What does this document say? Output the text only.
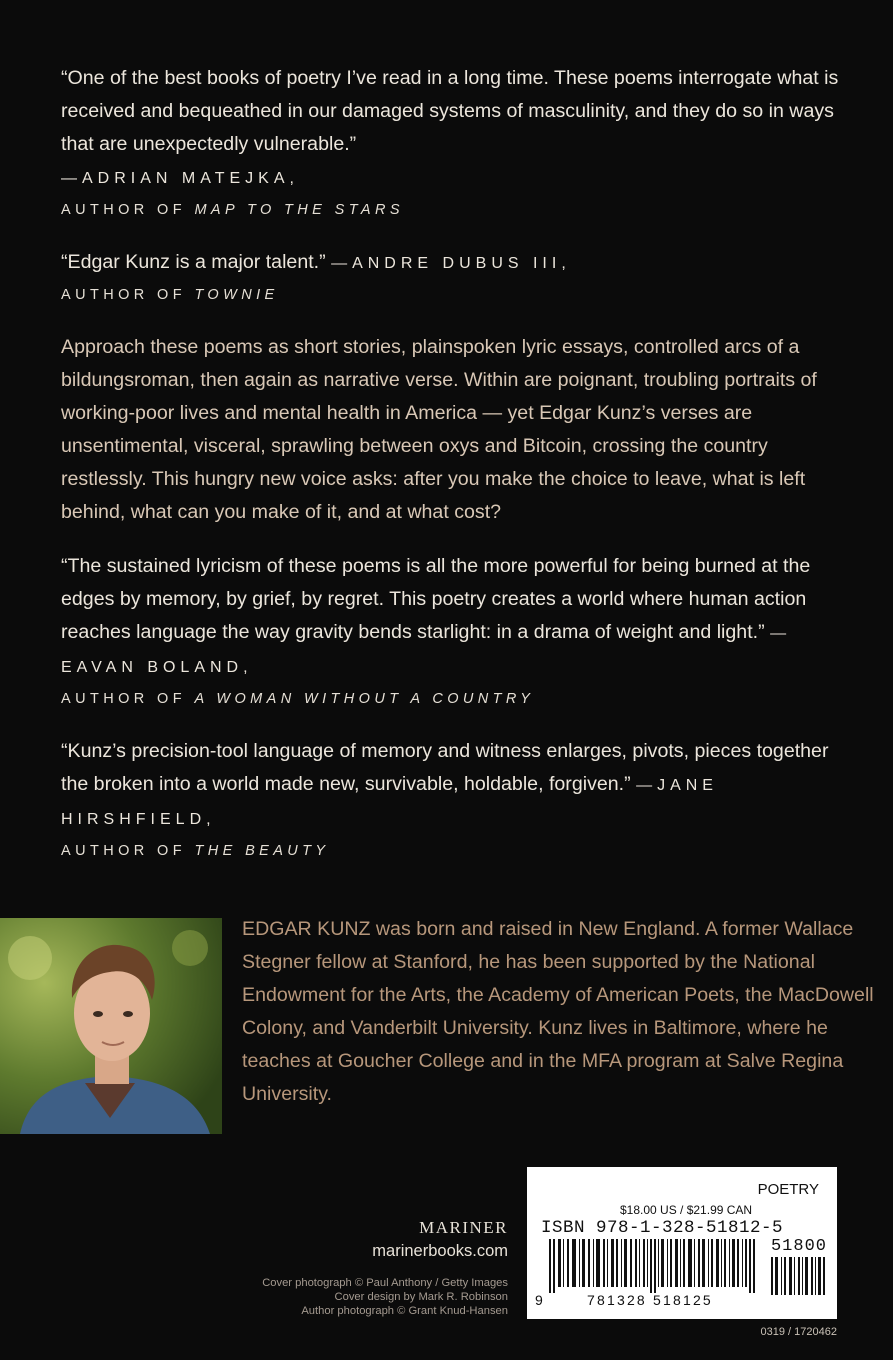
“One of the best books of poetry I’ve read in a long time. These poems interrogate what is received and bequeathed in our damaged systems of masculinity, and they do so in ways that are unexpectedly vulnerable.”

—ADRIAN MATEJKA,

AUTHOR OF MAP TO THE STARS

“Edgar Kunz is a major talent.” —ANDRE DUBUS III,

AUTHOR OF TOWNIE

Approach these poems as short stories, plainspoken lyric essays, controlled arcs of a bildungsroman, then again as narrative verse. Within are poignant, troubling portraits of working-poor lives and mental health in America — yet Edgar Kunz’s verses are unsentimental, visceral, sprawling between oxys and Bitcoin, crossing the country restlessly. This hungry new voice asks: after you make the choice to leave, what is left behind, what can you make of it, and at what cost?

“The sustained lyricism of these poems is all the more powerful for being burned at the edges by memory, by grief, by regret. This poetry creates a world where human action reaches language the way gravity bends starlight: in a drama of weight and light.” —EAVAN BOLAND,

AUTHOR OF A WOMAN WITHOUT A COUNTRY

“Kunz’s precision-tool language of memory and witness enlarges, pivots, pieces together the broken into a world made new, survivable, holdable, forgiven.” —JANE HIRSHFIELD,

AUTHOR OF THE BEAUTY

EDGAR KUNZ was born and raised in New England. A former Wallace Stegner fellow at Stanford, he has been supported by the National Endowment for the Arts, the Academy of American Poets, the MacDowell Colony, and Vanderbilt University. Kunz lives in Baltimore, where he teaches at Goucher College and in the MFA program at Salve Regina University.

MARINER
marinerbooks.com
Cover photograph © Paul Anthony / Getty Images
Cover design by Mark R. Robinson
Author photograph © Grant Knud-Hansen
POETRY
$18.00 US / $21.99 CAN
ISBN 978-1-328-51812-5
51800
9	781328 518125
0319 / 1720462
